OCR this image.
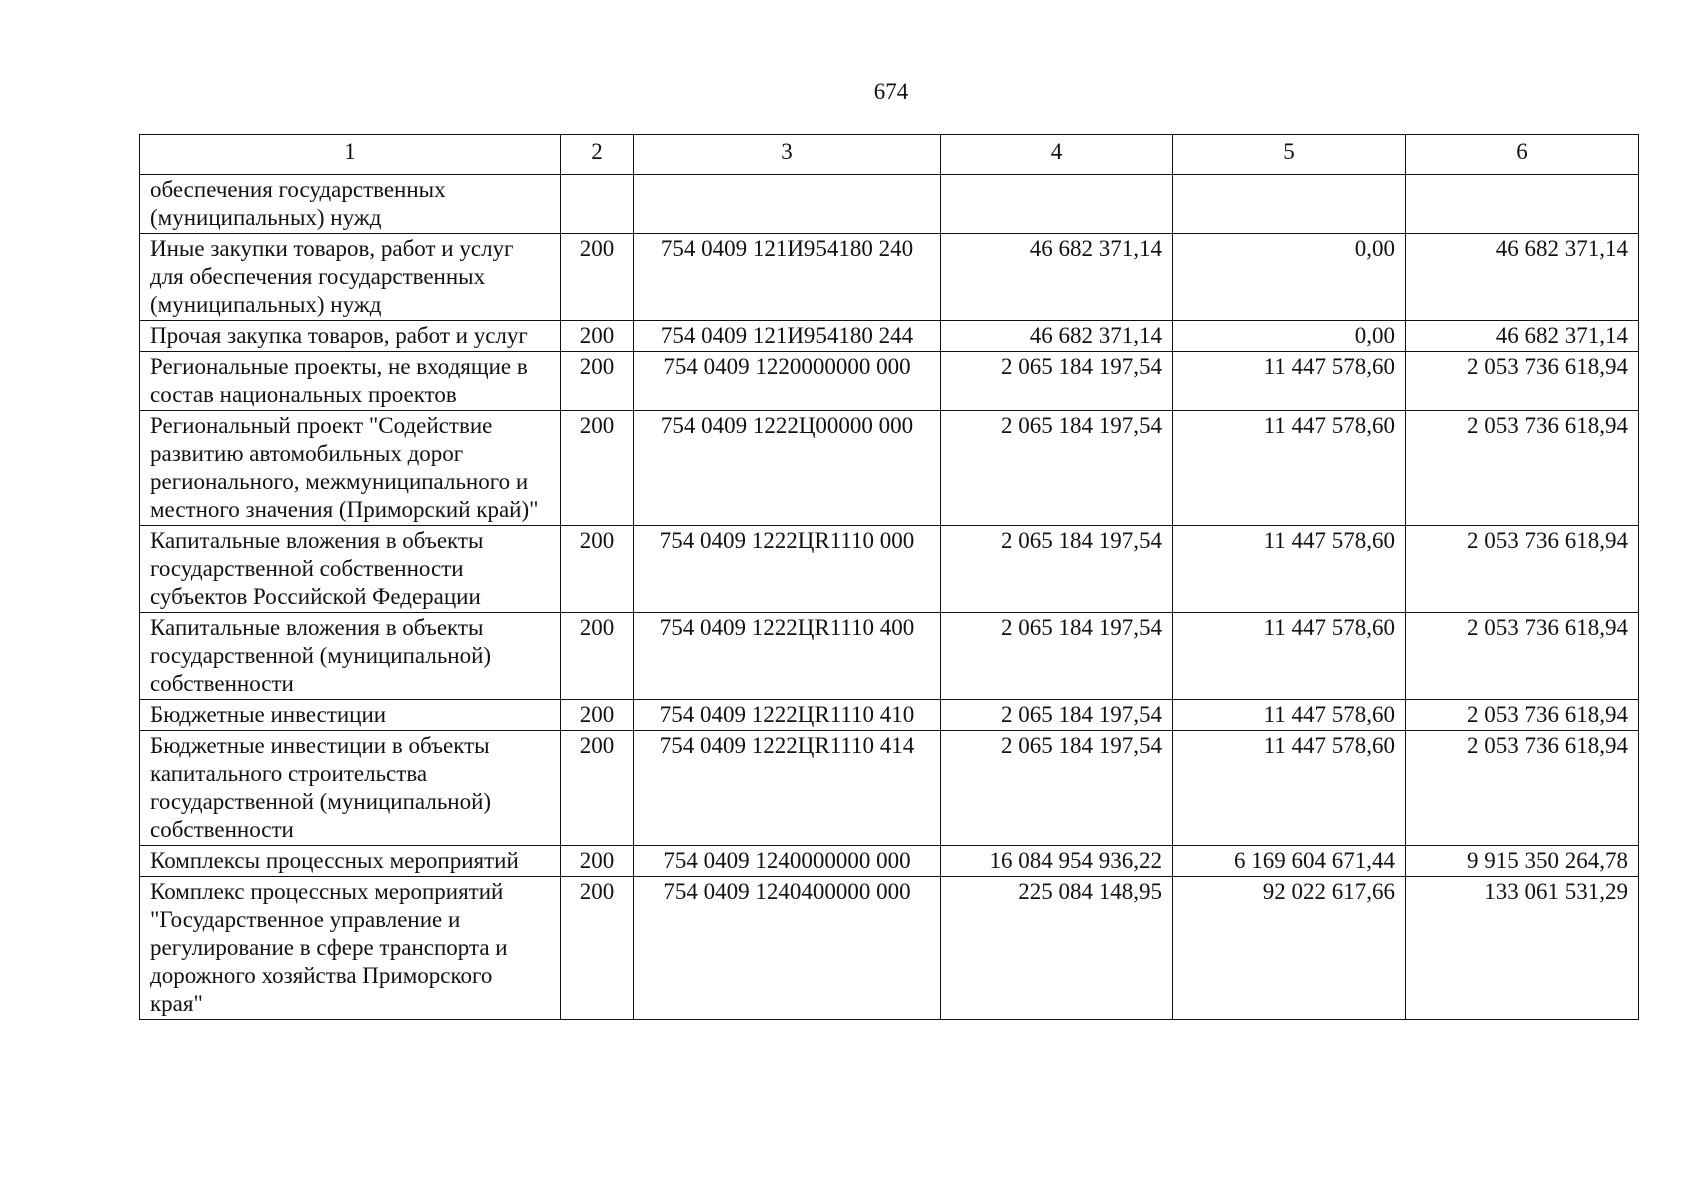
674
1	2	3	4	5	6
обеспечения государственных (муниципальных) нужд					
Иные закупки товаров, работ и услуг для обеспечения государственных (муниципальных) нужд	200	754 0409 121И954180 240	46 682 371,14	0,00	46 682 371,14
Прочая закупка товаров, работ и услуг	200	754 0409 121И954180 244	46 682 371,14	0,00	46 682 371,14
Региональные проекты, не входящие в состав национальных проектов	200	754 0409 1220000000 000	2 065 184 197,54	11 447 578,60	2 053 736 618,94
Региональный проект "Содействие развитию автомобильных дорог регионального, межмуниципального и местного значения (Приморский край)"	200	754 0409 1222Ц00000 000	2 065 184 197,54	11 447 578,60	2 053 736 618,94
Капитальные вложения в объекты государственной собственности субъектов Российской Федерации	200	754 0409 1222ЦR1110 000	2 065 184 197,54	11 447 578,60	2 053 736 618,94
Капитальные вложения в объекты государственной (муниципальной) собственности	200	754 0409 1222ЦR1110 400	2 065 184 197,54	11 447 578,60	2 053 736 618,94
Бюджетные инвестиции	200	754 0409 1222ЦR1110 410	2 065 184 197,54	11 447 578,60	2 053 736 618,94
Бюджетные инвестиции в объекты капитального строительства государственной (муниципальной) собственности	200	754 0409 1222ЦR1110 414	2 065 184 197,54	11 447 578,60	2 053 736 618,94
Комплексы процессных мероприятий	200	754 0409 1240000000 000	16 084 954 936,22	6 169 604 671,44	9 915 350 264,78
Комплекс процессных мероприятий "Государственное управление и регулирование в сфере транспорта и дорожного хозяйства Приморского края"	200	754 0409 1240400000 000	225 084 148,95	92 022 617,66	133 061 531,29
